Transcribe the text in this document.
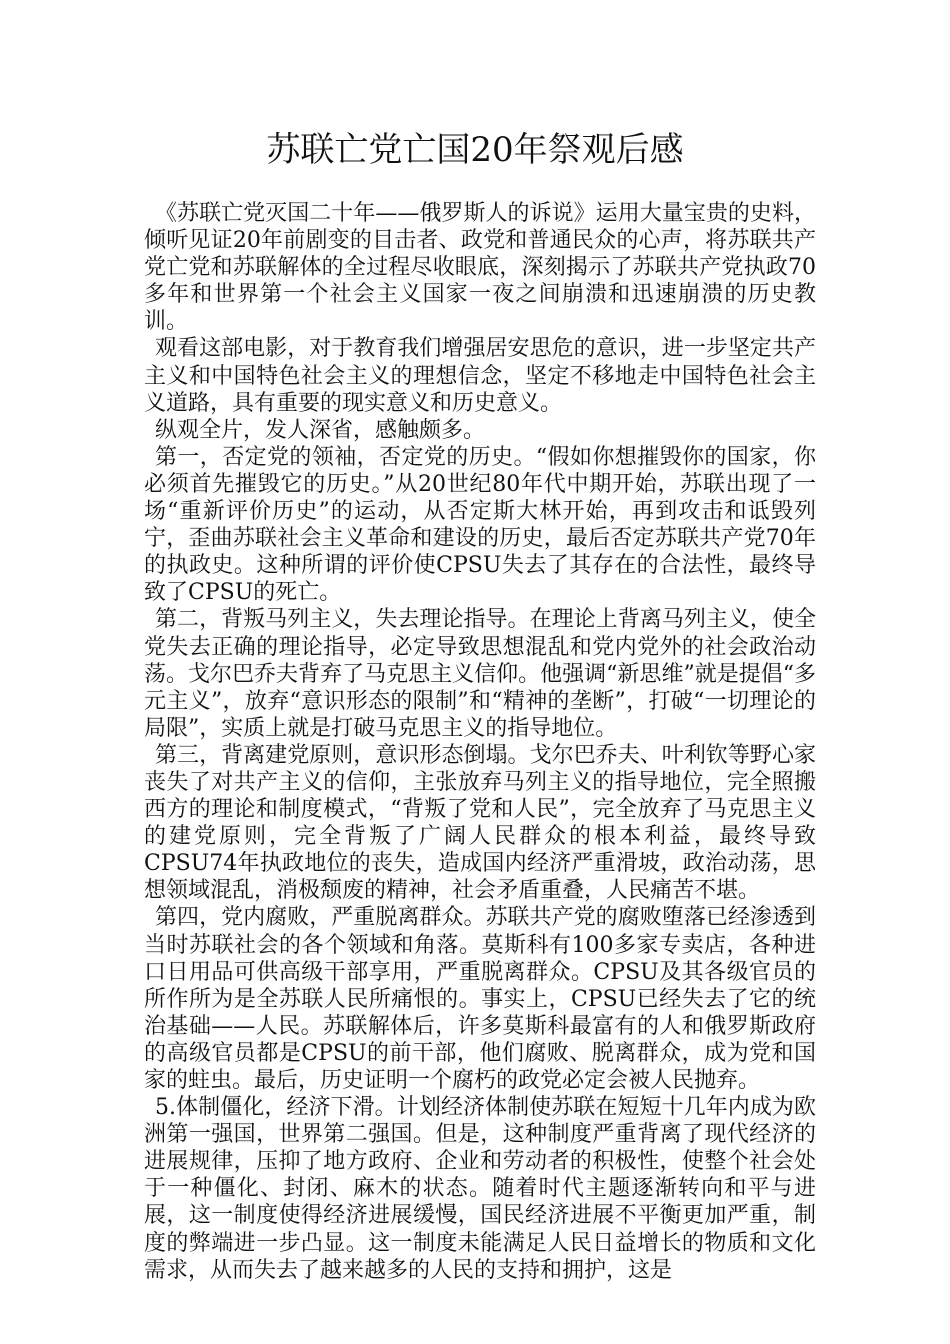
苏联亡党亡国20年祭观后感

《苏联亡党灭国二十年——俄罗斯人的诉说》运用大量宝贵的史料，倾听见证20年前剧变的目击者、政党和普通民众的心声，将苏联共产党亡党和苏联解体的全过程尽收眼底，深刻揭示了苏联共产党执政70多年和世界第一个社会主义国家一夜之间崩溃和迅速崩溃的历史教训。

观看这部电影，对于教育我们增强居安思危的意识，进一步坚定共产主义和中国特色社会主义的理想信念，坚定不移地走中国特色社会主义道路，具有重要的现实意义和历史意义。

纵观全片，发人深省，感触颇多。

第一，否定党的领袖，否定党的历史。“假如你想摧毁你的国家，你必须首先摧毁它的历史。”从20世纪80年代中期开始，苏联出现了一场“重新评价历史”的运动，从否定斯大林开始，再到攻击和诋毁列宁，歪曲苏联社会主义革命和建设的历史，最后否定苏联共产党70年的执政史。这种所谓的评价使CPSU失去了其存在的合法性，最终导致了CPSU的死亡。

第二，背叛马列主义，失去理论指导。在理论上背离马列主义，使全党失去正确的理论指导，必定导致思想混乱和党内党外的社会政治动荡。戈尔巴乔夫背弃了马克思主义信仰。他强调“新思维”就是提倡“多元主义”，放弃“意识形态的限制”和“精神的垄断”，打破“一切理论的局限”，实质上就是打破马克思主义的指导地位。

第三，背离建党原则，意识形态倒塌。戈尔巴乔夫、叶利钦等野心家丧失了对共产主义的信仰，主张放弃马列主义的指导地位，完全照搬西方的理论和制度模式，“背叛了党和人民”，完全放弃了马克思主义的建党原则，完全背叛了广阔人民群众的根本利益，最终导致CPSU74年执政地位的丧失，造成国内经济严重滑坡，政治动荡，思想领域混乱，消极颓废的精神，社会矛盾重叠，人民痛苦不堪。

第四，党内腐败，严重脱离群众。苏联共产党的腐败堕落已经渗透到当时苏联社会的各个领域和角落。莫斯科有100多家专卖店，各种进口日用品可供高级干部享用，严重脱离群众。CPSU及其各级官员的所作所为是全苏联人民所痛恨的。事实上，CPSU已经失去了它的统治基础——人民。苏联解体后，许多莫斯科最富有的人和俄罗斯政府的高级官员都是CPSU的前干部，他们腐败、脱离群众，成为党和国家的蛀虫。最后，历史证明一个腐朽的政党必定会被人民抛弃。

5.体制僵化，经济下滑。计划经济体制使苏联在短短十几年内成为欧洲第一强国，世界第二强国。但是，这种制度严重背离了现代经济的进展规律，压抑了地方政府、企业和劳动者的积极性，使整个社会处于一种僵化、封闭、麻木的状态。随着时代主题逐渐转向和平与进展，这一制度使得经济进展缓慢，国民经济进展不平衡更加严重，制度的弊端进一步凸显。这一制度未能满足人民日益增长的物质和文化需求，从而失去了越来越多的人民的支持和拥护，这是
